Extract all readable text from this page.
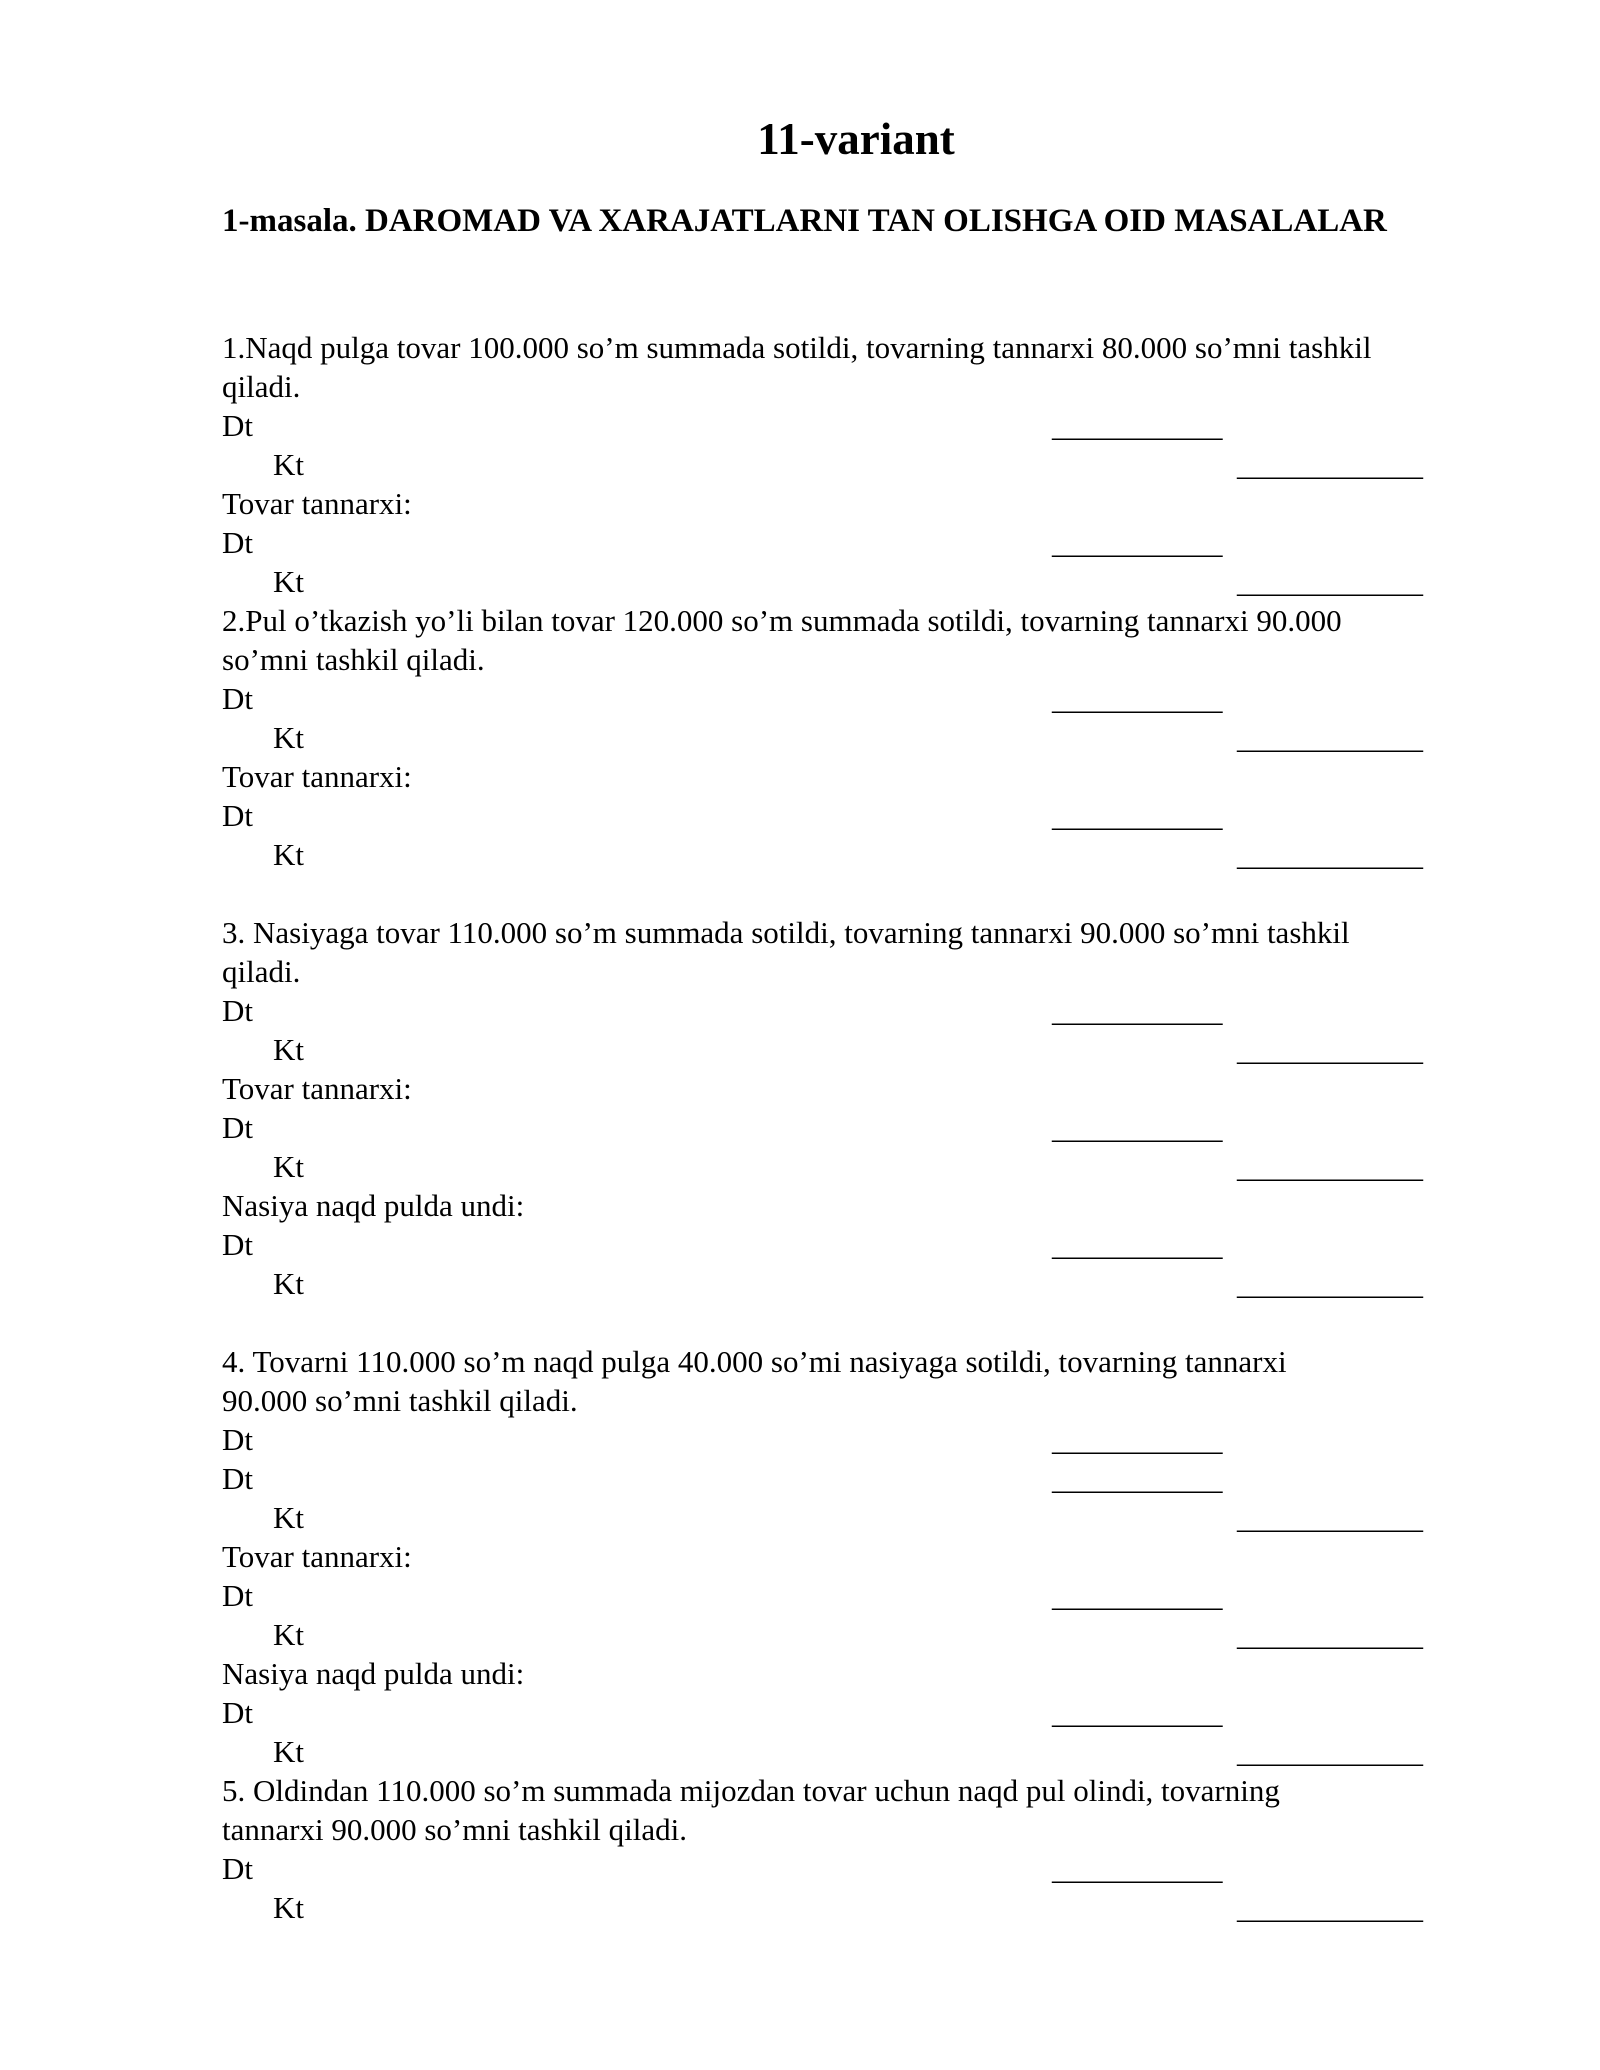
11-variant
1-masala. DAROMAD VA XARAJATLARNI TAN OLISHGA OID MASALALAR
1.Naqd pulga tovar 100.000 so’m summada sotildi, tovarning tannarxi 80.000 so’mni tashkil
qiladi.
Dt	___________
Kt	____________
Tovar tannarxi:
Dt	___________
Kt	____________
2.Pul o’tkazish yo’li bilan tovar 120.000 so’m summada sotildi, tovarning tannarxi 90.000
so’mni tashkil qiladi.
Dt	___________
Kt	____________
Tovar tannarxi:
Dt	___________
Kt	____________
3. Nasiyaga tovar 110.000 so’m summada sotildi, tovarning tannarxi 90.000 so’mni tashkil
qiladi.
Dt	___________
Kt	____________
Tovar tannarxi:
Dt	___________
Kt	____________
Nasiya naqd pulda undi:
Dt	___________
Kt	____________
4. Tovarni 110.000 so’m naqd pulga 40.000 so’mi nasiyaga sotildi, tovarning tannarxi
90.000 so’mni tashkil qiladi.
Dt	___________
Dt	___________
Kt	____________
Tovar tannarxi:
Dt	___________
Kt	____________
Nasiya naqd pulda undi:
Dt	___________
Kt	____________
5. Oldindan 110.000 so’m summada mijozdan tovar uchun naqd pul olindi, tovarning
tannarxi 90.000 so’mni tashkil qiladi.
Dt	___________
Kt	____________
